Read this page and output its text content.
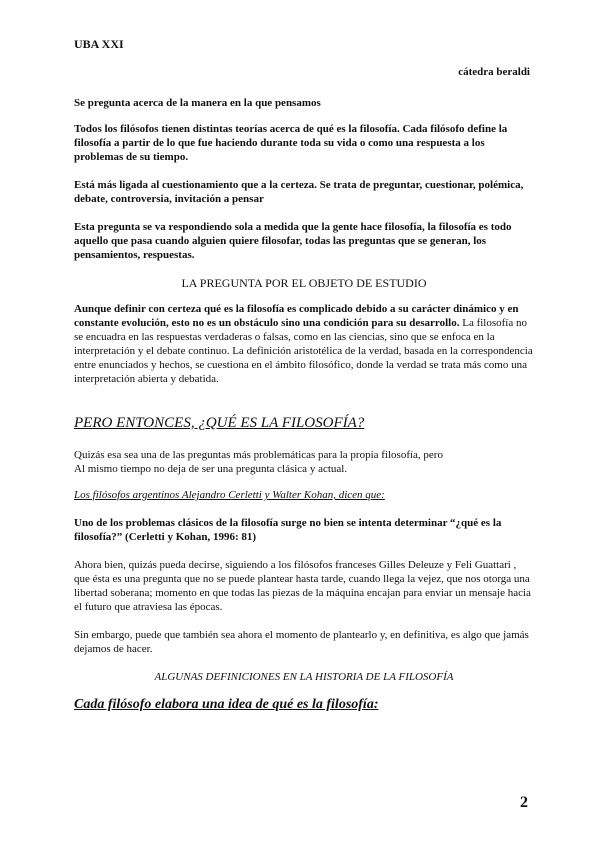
UBA XXI
cátedra beraldi
Se pregunta acerca de la manera en la que pensamos
Todos los filósofos tienen distintas teorías acerca de qué es la filosofía. Cada filósofo define la filosofía a partir de lo que fue haciendo durante toda su vida o como una respuesta a los problemas de su tiempo.
Está más ligada al cuestionamiento que a la certeza. Se trata de preguntar, cuestionar, polémica, debate, controversia, invitación a pensar
Esta pregunta se va respondiendo sola a medida que la gente hace filosofía, la filosofía es todo aquello que pasa cuando alguien quiere filosofar, todas las preguntas que se generan, los pensamientos, respuestas.
LA PREGUNTA POR EL OBJETO DE ESTUDIO
Aunque definir con certeza qué es la filosofía es complicado debido a su carácter dinámico y en constante evolución, esto no es un obstáculo sino una condición para su desarrollo. La filosofía no se encuadra en las respuestas verdaderas o falsas, como en las ciencias, sino que se enfoca en la interpretación y el debate continuo. La definición aristotélica de la verdad, basada en la correspondencia entre enunciados y hechos, se cuestiona en el ámbito filosófico, donde la verdad se trata más como una interpretación abierta y debatida.
PERO ENTONCES, ¿QUÉ ES LA FILOSOFÍA?

Quizás esa sea una de las preguntas más problemáticas para la propia filosofía, pero

Al mismo tiempo no deja de ser una pregunta clásica y actual.

Los filósofos argentinos Alejandro Cerletti y Walter Kohan, dicen que:
Uno de los problemas clásicos de la filosofía surge no bien se intenta determinar “¿qué es la filosofía?” (Cerletti y Kohan, 1996: 81)
Ahora bien, quizás pueda decirse, siguiendo a los filósofos franceses Gilles Deleuze y Feli Guattari , que ésta es una pregunta que no se puede plantear hasta tarde, cuando llega la vejez, que nos otorga una libertad soberana; momento en que todas las piezas de la máquina encajan para enviar un mensaje hacia el futuro que atraviesa las épocas.
Sin embargo, puede que también sea ahora el momento de plantearlo y, en definitiva, es algo que jamás dejamos de hacer.
ALGUNAS DEFINICIONES EN LA HISTORIA DE LA FILOSOFÍA
Cada filósofo elabora una idea de qué es la filosofía:
2
